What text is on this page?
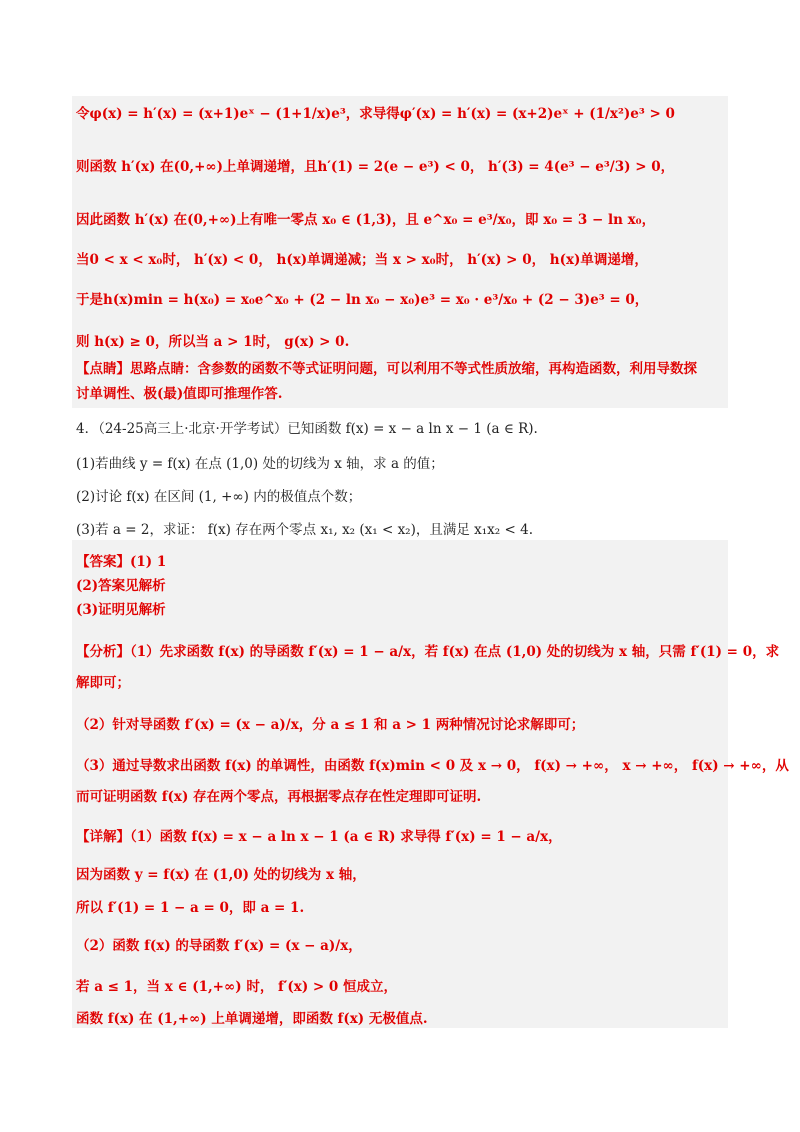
令φ(x) = h′(x) = (x+1)eˣ − (1+1/x)e³，求导得φ′(x) = h′(x) = (x+2)eˣ + (1/x²)e³ > 0
则函数 h′(x) 在(0,+∞)上单调递增，且h′(1) = 2(e − e³) < 0， h′(3) = 4(e³ − e³/3) > 0，
因此函数 h′(x) 在(0,+∞)上有唯一零点 x₀ ∈ (1,3)，且 e^x₀ = e³/x₀，即 x₀ = 3 − ln x₀，
当0 < x < x₀时， h′(x) < 0， h(x)单调递减；当 x > x₀时， h′(x) > 0， h(x)单调递增，
于是h(x)min = h(x₀) = x₀e^x₀ + (2 − ln x₀ − x₀)e³ = x₀ · e³/x₀ + (2 − 3)e³ = 0，
则 h(x) ≥ 0，所以当 a > 1时， g(x) > 0.
【点睛】思路点睛：含参数的函数不等式证明问题，可以利用不等式性质放缩，再构造函数，利用导数探
讨单调性、极(最)值即可推理作答.
4．（24-25高三上·北京·开学考试）已知函数 f(x) = x − a ln x − 1 (a ∈ R).
(1)若曲线 y = f(x) 在点 (1,0) 处的切线为 x 轴，求 a 的值；
(2)讨论 f(x) 在区间 (1, +∞) 内的极值点个数；
(3)若 a = 2，求证： f(x) 存在两个零点 x₁, x₂ (x₁ < x₂)，且满足 x₁x₂ < 4.
【答案】(1) 1
(2)答案见解析
(3)证明见解析
【分析】（1）先求函数 f(x) 的导函数 f′(x) = 1 − a/x，若 f(x) 在点 (1,0) 处的切线为 x 轴，只需 f′(1) = 0，求
解即可；
（2）针对导函数 f′(x) = (x − a)/x，分 a ≤ 1 和 a > 1 两种情况讨论求解即可；
（3）通过导数求出函数 f(x) 的单调性，由函数 f(x)min < 0 及 x → 0， f(x) → +∞， x → +∞， f(x) → +∞，从
而可证明函数 f(x) 存在两个零点，再根据零点存在性定理即可证明.
【详解】（1）函数 f(x) = x − a ln x − 1 (a ∈ R) 求导得 f′(x) = 1 − a/x，
因为函数 y = f(x) 在 (1,0) 处的切线为 x 轴，
所以 f′(1) = 1 − a = 0，即 a = 1.
（2）函数 f(x) 的导函数 f′(x) = (x − a)/x，
若 a ≤ 1，当 x ∈ (1,+∞) 时， f′(x) > 0 恒成立，
函数 f(x) 在 (1,+∞) 上单调递增，即函数 f(x) 无极值点.
